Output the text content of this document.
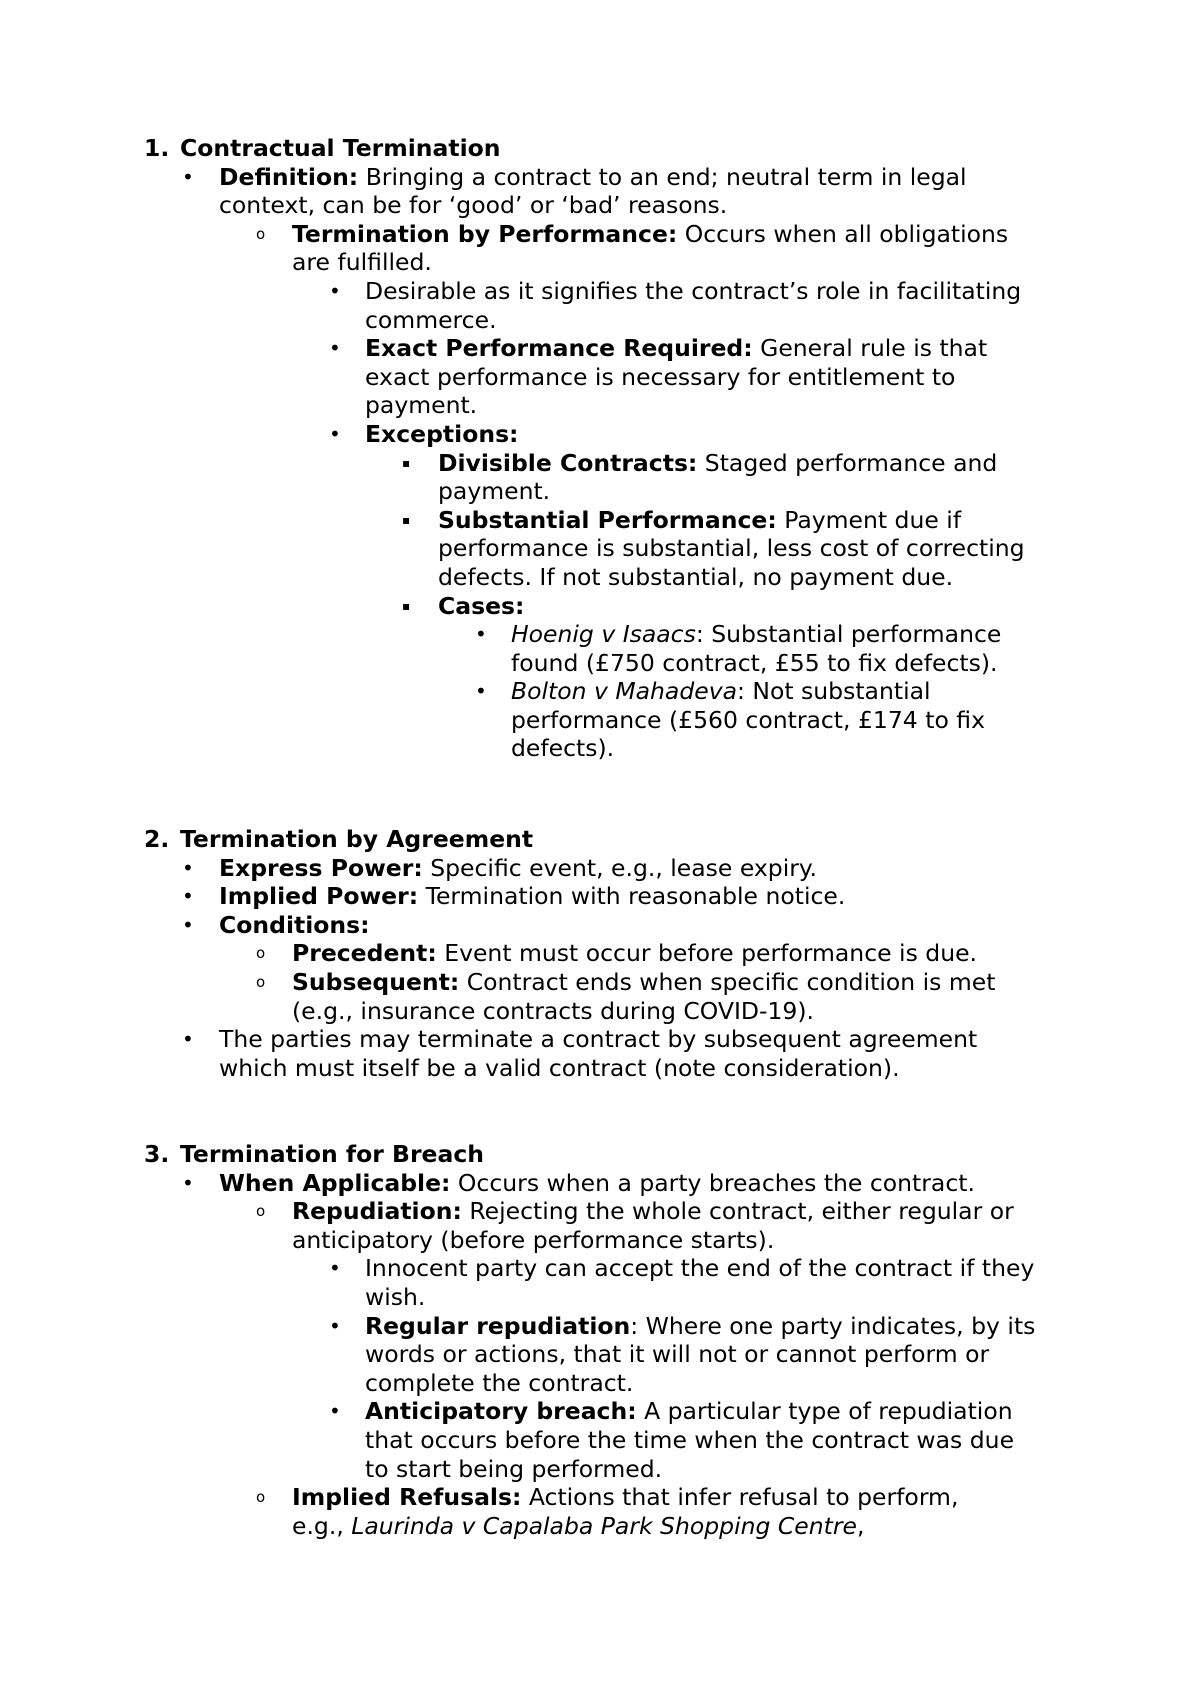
1. Contractual Termination
• Definition: Bringing a contract to an end; neutral term in legal
context, can be for ‘good’ or ‘bad’ reasons.
o Termination by Performance: Occurs when all obligations
are fulfilled.
• Desirable as it signifies the contract’s role in facilitating
commerce.
• Exact Performance Required: General rule is that
exact performance is necessary for entitlement to
payment.
• Exceptions:
▪ Divisible Contracts: Staged performance and
payment.
▪ Substantial Performance: Payment due if
performance is substantial, less cost of correcting
defects. If not substantial, no payment due.
▪ Cases:
• Hoenig v Isaacs: Substantial performance
found (£750 contract, £55 to fix defects).
• Bolton v Mahadeva: Not substantial
performance (£560 contract, £174 to fix
defects).
2. Termination by Agreement
• Express Power: Specific event, e.g., lease expiry.
• Implied Power: Termination with reasonable notice.
• Conditions:
o Precedent: Event must occur before performance is due.
o Subsequent: Contract ends when specific condition is met
(e.g., insurance contracts during COVID-19).
• The parties may terminate a contract by subsequent agreement
which must itself be a valid contract (note consideration).
3. Termination for Breach
• When Applicable: Occurs when a party breaches the contract.
o Repudiation: Rejecting the whole contract, either regular or
anticipatory (before performance starts).
• Innocent party can accept the end of the contract if they
wish.
• Regular repudiation: Where one party indicates, by its
words or actions, that it will not or cannot perform or
complete the contract.
• Anticipatory breach: A particular type of repudiation
that occurs before the time when the contract was due
to start being performed.
o Implied Refusals: Actions that infer refusal to perform,
e.g., Laurinda v Capalaba Park Shopping Centre,
